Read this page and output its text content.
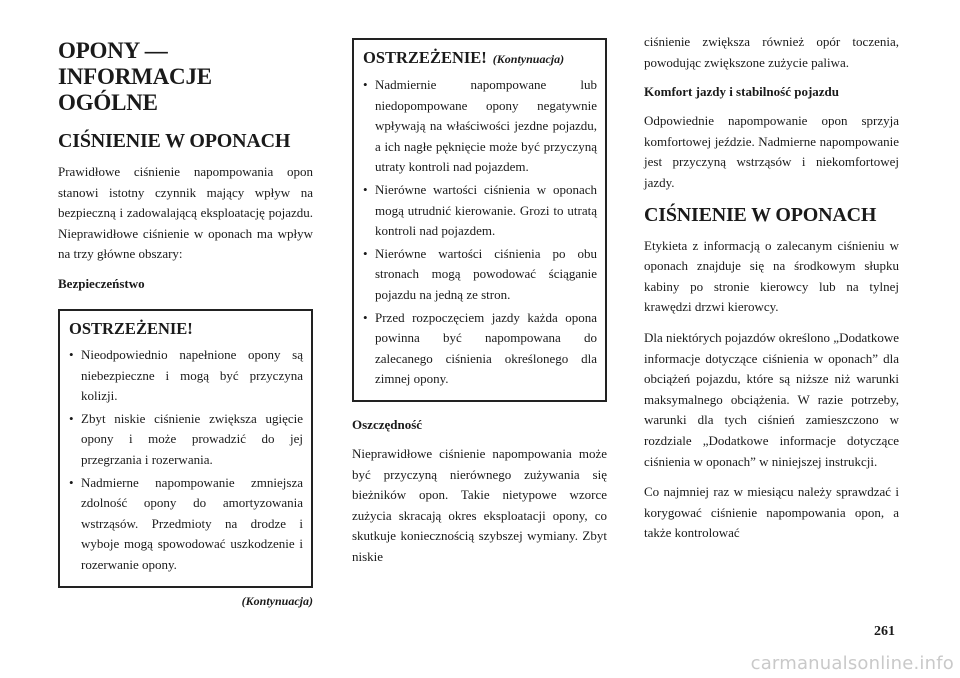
OPONY — INFORMACJE OGÓLNE
CIŚNIENIE W OPONACH

Prawidłowe ciśnienie napompowania opon stanowi istotny czynnik mający wpływ na bezpieczną i zadowalającą eksploatację pojazdu. Nieprawidłowe ciśnienie w oponach ma wpływ na trzy główne obszary:

Bezpieczeństwo
OSTRZEŻENIE!
• Nieodpowiednio napełnione opony są niebezpieczne i mogą być przyczyna kolizji.
• Zbyt niskie ciśnienie zwiększa ugięcie opony i może prowadzić do jej przegrzania i rozerwania.
• Nadmierne napompowanie zmniejsza zdolność opony do amortyzowania wstrząsów. Przedmioty na drodze i wyboje mogą spowodować uszkodzenie i rozerwanie opony.
(Kontynuacja)
OSTRZEŻENIE! (Kontynuacja)
• Nadmiernie napompowane lub niedopompowane opony negatywnie wpływają na właściwości jezdne pojazdu, a ich nagłe pęknięcie może być przyczyną utraty kontroli nad pojazdem.
• Nierówne wartości ciśnienia w oponach mogą utrudnić kierowanie. Grozi to utratą kontroli nad pojazdem.
• Nierówne wartości ciśnienia po obu stronach mogą powodować ściąganie pojazdu na jedną ze stron.
• Przed rozpoczęciem jazdy każda opona powinna być napompowana do zalecanego ciśnienia określonego dla zimnej opony.
Oszczędność

Nieprawidłowe ciśnienie napompowania może być przyczyną nierównego zużywania się bieżników opon. Takie nietypowe wzorce zużycia skracają okres eksploatacji opony, co skutkuje koniecznością szybszej wymiany. Zbyt niskie

ciśnienie zwiększa również opór toczenia, powodując zwiększone zużycie paliwa.

Komfort jazdy i stabilność pojazdu

Odpowiednie napompowanie opon sprzyja komfortowej jeździe. Nadmierne napompowanie jest przyczyną wstrząsów i niekomfortowej jazdy.

CIŚNIENIE W OPONACH

Etykieta z informacją o zalecanym ciśnieniu w oponach znajduje się na środkowym słupku kabiny po stronie kierowcy lub na tylnej krawędzi drzwi kierowcy.

Dla niektórych pojazdów określono „Dodatkowe informacje dotyczące ciśnienia w oponach” dla obciążeń pojazdu, które są niższe niż warunki maksymalnego obciążenia. W razie potrzeby, warunki dla tych ciśnień zamieszczono w rozdziale „Dodatkowe informacje dotyczące ciśnienia w oponach” w niniejszej instrukcji.

Co najmniej raz w miesiącu należy sprawdzać i korygować ciśnienie napompowania opon, a także kontrolować

261
carmanualsonline.info
